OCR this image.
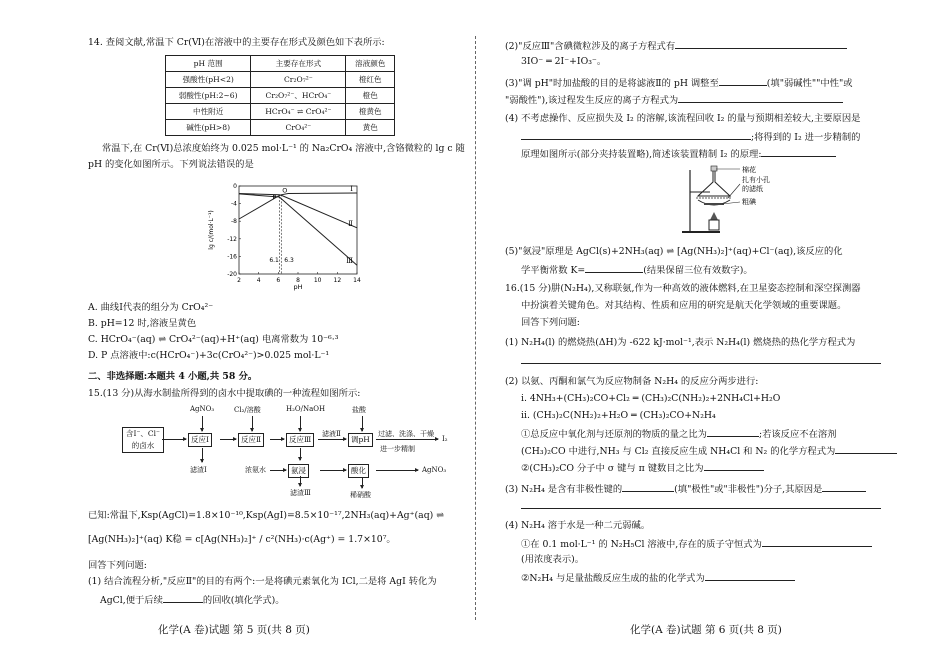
14. 查阅文献,常温下 Cr(Ⅵ)在溶液中的主要存在形式及颜色如下表所示:
pH 范围	主要存在形式	溶液颜色
强酸性(pH<2)	Cr₂O₇²⁻	橙红色
弱酸性(pH:2~6)	Cr₂O₇²⁻、HCrO₄⁻	橙色
中性附近	HCrO₄⁻ ⇌ CrO₄²⁻	橙黄色
碱性(pH>8)	CrO₄²⁻	黄色
常温下,在 Cr(Ⅵ)总浓度始终为 0.025 mol·L⁻¹ 的 Na₂CrO₄ 溶液中,含铬微粒的 lg c 随
pH 的变化如图所示。下列说法错误的是
2	4	6	8 10 12 14
0
-4
-8
-12
-16
-20
pH
lg c/(mol·L⁻¹)
Ⅰ
Ⅱ
Ⅲ
O
P
6.1 6.3
A. 曲线Ⅰ代表的组分为 CrO₄²⁻
B. pH=12 时,溶液呈黄色
C. HCrO₄⁻(aq) ⇌ CrO₄²⁻(aq)+H⁺(aq) 电离常数为 10⁻⁶·³
D. P 点溶液中:c(HCrO₄⁻)+3c(CrO₄²⁻)>0.025 mol·L⁻¹
二、非选择题:本题共 4 小题,共 58 分。
15.(13 分)从海水制盐所得到的卤水中提取碘的一种流程如图所示:
含I⁻、Cl⁻的卤水
反应Ⅰ	反应Ⅱ	反应Ⅲ
滤液Ⅱ
调pH
过滤、洗涤、干燥
I₂
进一步精制
AgNO₃	Cl₂/溶酸	H₂O/NaOH	盐酸
滤渣Ⅰ	浓氨水	氨浸	酸化	AgNO₃
滤渣Ⅲ	稀硝酸
已知:常温下,Ksp(AgCl)=1.8×10⁻¹⁰,Ksp(AgI)=8.5×10⁻¹⁷,2NH₃(aq)+Ag⁺(aq) ⇌
[Ag(NH₃)₂]⁺(aq) K稳 = c[Ag(NH₃)₂]⁺ / c²(NH₃)·c(Ag⁺) = 1.7×10⁷。
回答下列问题:
(1) 结合流程分析,"反应Ⅱ"的目的有两个:一是将碘元素氧化为 ICl,二是将 AgI 转化为
AgCl,便于后续	的回收(填化学式)。
化学(A 卷)试题 第 5 页(共 8 页)
(2)"反应Ⅲ"含碘微粒涉及的离子方程式有
3IO⁻ ═ 2I⁻+IO₃⁻。
(3)"调 pH"时加盐酸的目的是将滤液Ⅱ的 pH 调整至	(填"弱碱性""中性"或
"弱酸性"),该过程发生反应的离子方程式为
(4) 不考虑操作、反应损失及 I₂ 的溶解,该流程回收 I₂ 的量与预期相差较大,主要原因是
;将得到的 I₂ 进一步精制的
原理如图所示(部分夹持装置略),简述该装置精制 I₂ 的原理:
棉花
扎有小孔
的滤纸
粗碘
(5)"氨浸"原理是 AgCl(s)+2NH₃(aq) ⇌ [Ag(NH₃)₂]⁺(aq)+Cl⁻(aq),该反应的化
学平衡常数 K=	(结果保留三位有效数字)。
16.(15 分)肼(N₂H₄),又称联氨,作为一种高效的液体燃料,在卫星姿态控制和深空探测器
中扮演着关键角色。对其结构、性质和应用的研究是航天化学领域的重要课题。
回答下列问题:
(1) N₂H₄(l) 的燃烧热(ΔH)为 -622 kJ·mol⁻¹,表示 N₂H₄(l) 燃烧热的热化学方程式为
(2) 以氨、丙酮和氯气为反应物制备 N₂H₄ 的反应分两步进行:
ⅰ. 4NH₃+(CH₃)₂CO+Cl₂ ═ (CH₃)₂C(NH₂)₂+2NH₄Cl+H₂O
ⅱ. (CH₃)₂C(NH₂)₂+H₂O ═ (CH₃)₂CO+N₂H₄
①总反应中氧化剂与还原剂的物质的量之比为	;若该反应不在溶剂
(CH₃)₂CO 中进行,NH₃ 与 Cl₂ 直接反应生成 NH₄Cl 和 N₂ 的化学方程式为
②(CH₃)₂CO 分子中 σ 键与 π 键数目之比为
(3) N₂H₄ 是含有非极性键的	(填"极性"或"非极性")分子,其原因是
(4) N₂H₄ 溶于水是一种二元弱碱。
①在 0.1 mol·L⁻¹ 的 N₂H₅Cl 溶液中,存在的质子守恒式为
(用浓度表示)。
②N₂H₄ 与足量盐酸反应生成的盐的化学式为
化学(A 卷)试题 第 6 页(共 8 页)
